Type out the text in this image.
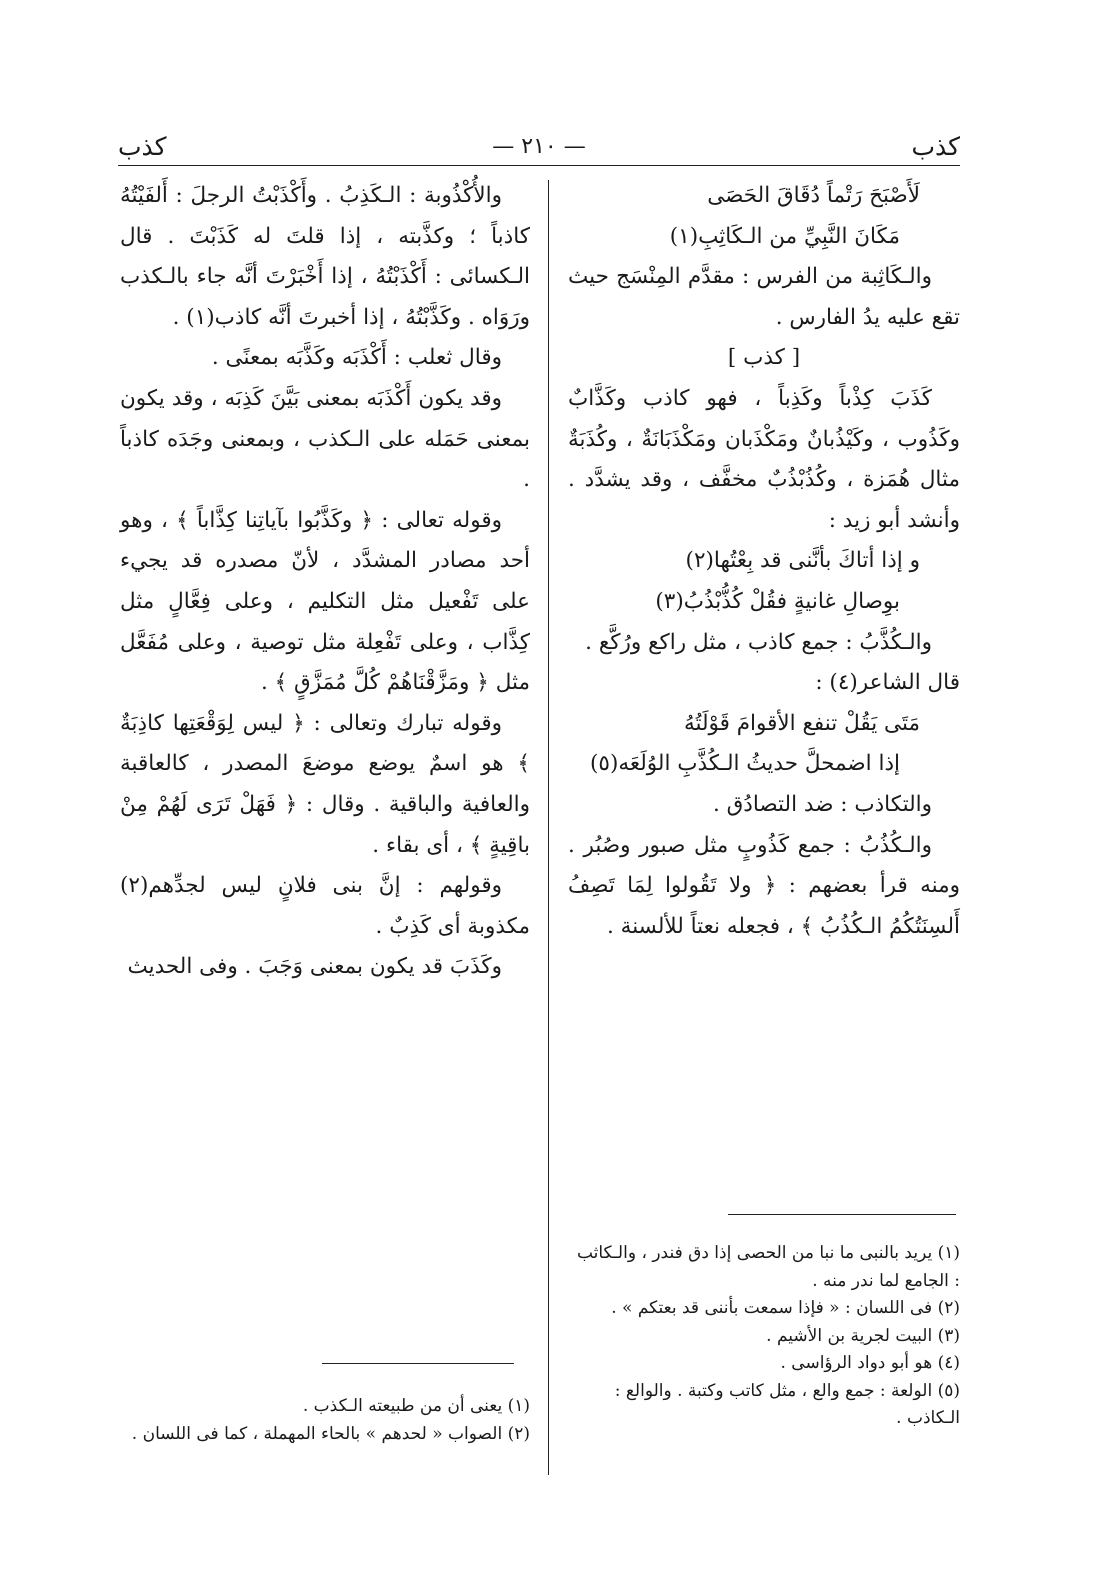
كذب
— ٢١٠ —
كذب

لَأَصْبَحَ رَتْماً دُقَاقَ الحَصَى

مَكَانَ النَّبِيِّ من الـكَاثِبِ(١)

والـكَاثِبة من الفرس : مقدَّم المِنْسَج حيث تقع عليه يدُ الفارس .

[ كذب ]

كَذَبَ كِذْباً وكَذِباً ، فهو كاذب وكَذَّابٌ وكَذُوب ، وكَيْذُبانٌ ومَكْذَبان ومَكْذَبَانَةٌ ، وكُذَبَةٌ مثال هُمَزة ، وكُذُبْذُبٌ مخفَّف ، وقد يشدَّد . وأنشد أبو زيد :

و إذا أتاكَ بأنَّنى قد بِعْتُها(٢)

بوِصالِ غانيةٍ فقُلْ كُذُّبْذُبُ(٣)

والـكُذَّبُ : جمع كاذب ، مثل راكع ورُكَّع .

قال الشاعر(٤) :

مَتَى يَقُلْ تنفع الأقوامَ قَوْلَتُهُ

إذا اضمحلَّ حديثُ الـكُذَّبِ الوُلَعَه(٥)

والتكاذب : ضد التصادُق .

والـكُذُبُ : جمع كَذُوبٍ مثل صبور وصُبُر . ومنه قرأ بعضهم : ﴿ ولا تَقُولوا لِمَا تَصِفُ أَلسِنَتُكُمُ الـكُذُبُ ﴾ ، فجعله نعتاً للألسنة .

والأُكْذُوبة : الـكَذِبُ . وأَكْذَبْتُ الرجلَ : أَلفَيْتُهُ كاذباً ؛ وكذَّبته ، إذا قلتَ له كَذَبْتَ . قال الـكسائى : أَكْذَبْتُهُ ، إذا أَخْبَرْتَ أنَّه جاء بالـكذب ورَوَاه . وكَذَّبْتُهُ ، إذا أخبرتَ أنَّه كاذب(١) .

وقال ثعلب : أَكْذَبَه وكَذَّبَه بمعنًى .

وقد يكون أَكْذَبَه بمعنى بَيَّنَ كَذِبَه ، وقد يكون بمعنى حَمَله على الـكذب ، وبمعنى وجَدَه كاذباً .

وقوله تعالى : ﴿ وكَذَّبُوا بآياتِنا كِذَّاباً ﴾ ، وهو أحد مصادر المشدَّد ، لأنّ مصدره قد يجيء على تَفْعيل مثل التكليم ، وعلى فِعَّالٍ مثل كِذَّاب ، وعلى تَفْعِلة مثل توصية ، وعلى مُفَعَّل مثل ﴿ ومَزَّقْنَاهُمْ كُلَّ مُمَزَّقٍ ﴾ .

وقوله تبارك وتعالى : ﴿ ليس لِوَقْعَتِها كاذِبَةٌ ﴾ هو اسمٌ يوضع موضعَ المصدر ، كالعاقبة والعافية والباقية . وقال : ﴿ فَهَلْ تَرَى لَهُمْ مِنْ باقِيةٍ ﴾ ، أى بقاء .

وقولهم : إنَّ بنى فلانٍ ليس لجدِّهم(٢) مكذوبة أى كَذِبٌ .

وكَذَبَ قد يكون بمعنى وَجَبَ . وفى الحديث

(١) يريد بالنبى ما نبا من الحصى إذا دق فندر ، والـكاثب : الجامع لما ندر منه .

(٢) فى اللسان : « فإذا سمعت بأننى قد بعتكم » .

(٣) البيت لجرية بن الأشيم .

(٤) هو أبو دواد الرؤاسى .

(٥) الولعة : جمع والع ، مثل كاتب وكتبة . والوالع : الـكاذب .

(١) يعنى أن من طبيعته الـكذب .

(٢) الصواب « لحدهم » بالحاء المهملة ، كما فى اللسان .
